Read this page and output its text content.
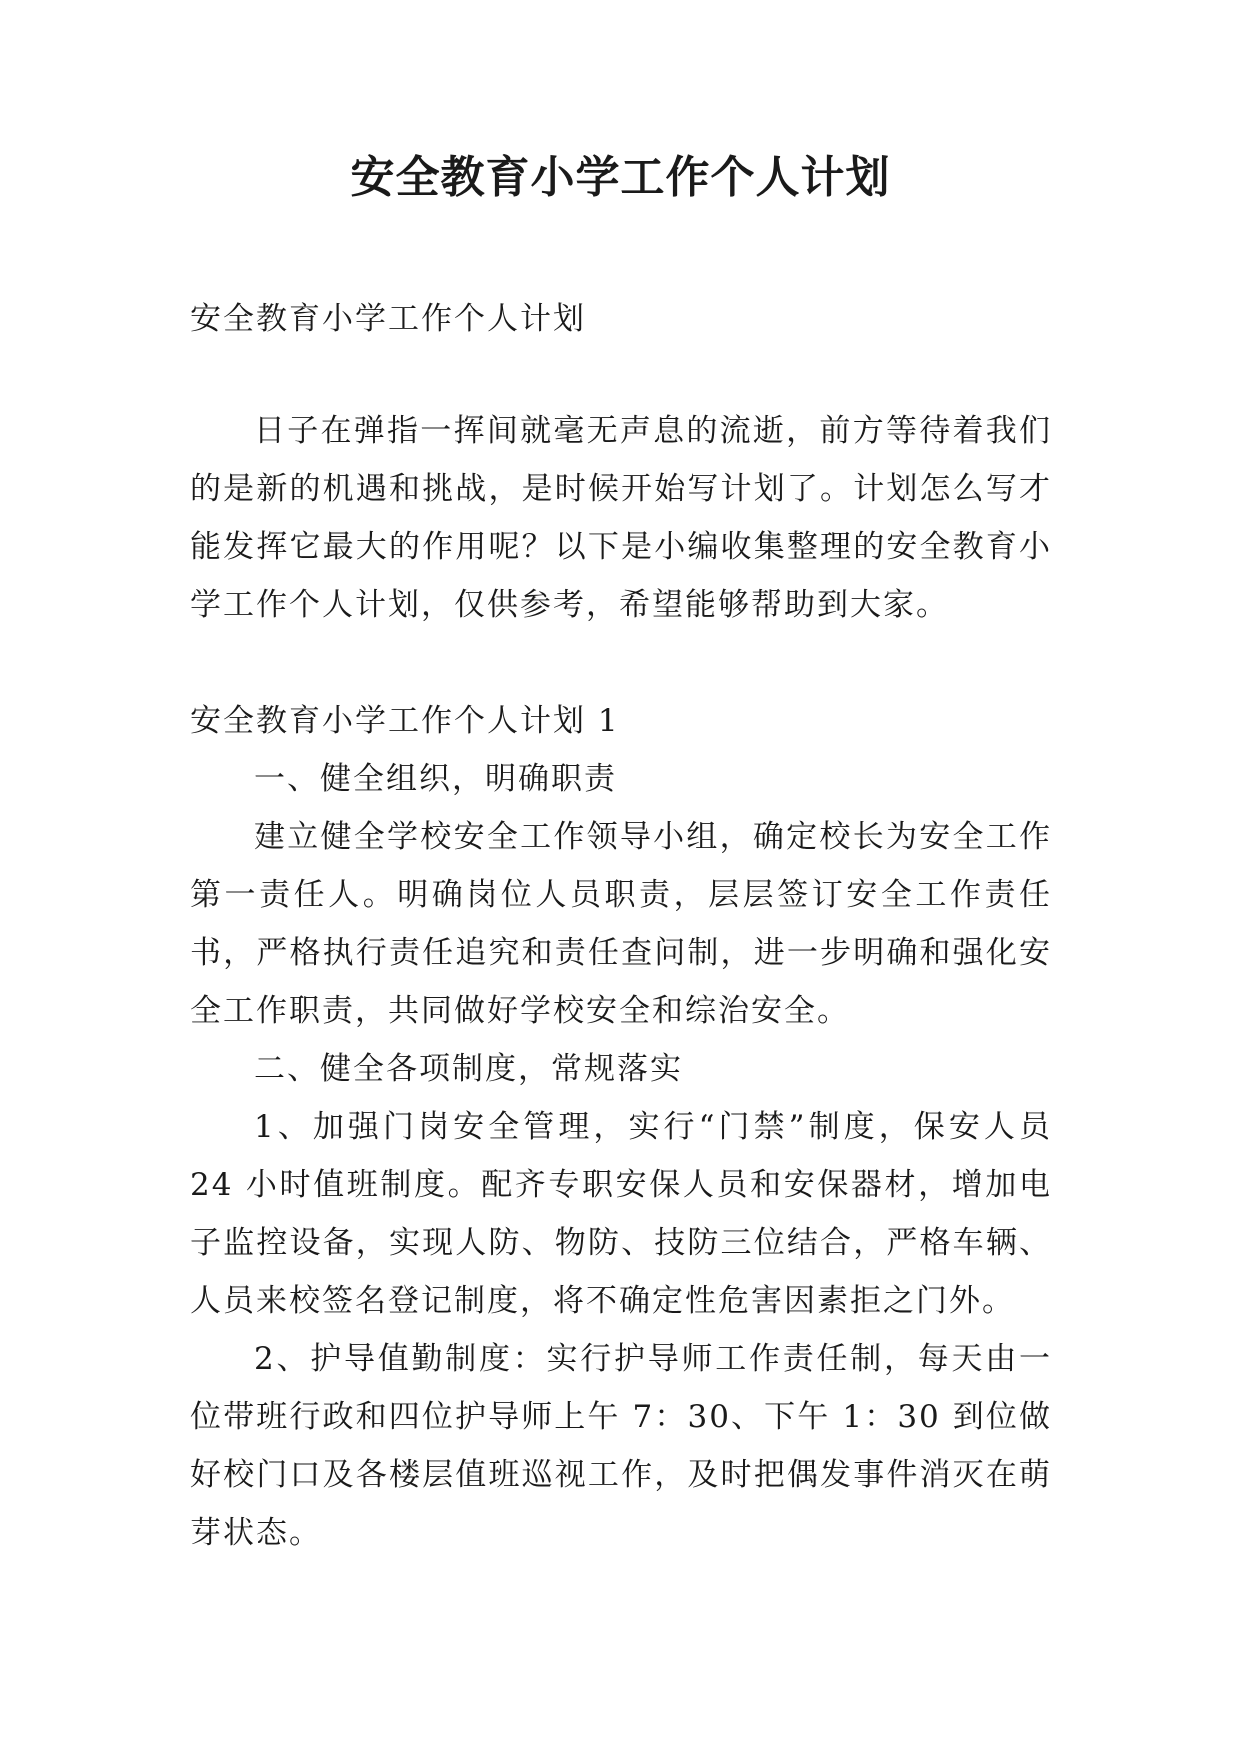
安全教育小学工作个人计划

安全教育小学工作个人计划

日子在弹指一挥间就毫无声息的流逝，前方等待着我们的是新的机遇和挑战，是时候开始写计划了。计划怎么写才能发挥它最大的作用呢？以下是小编收集整理的安全教育小学工作个人计划，仅供参考，希望能够帮助到大家。

安全教育小学工作个人计划 1

一、健全组织，明确职责

建立健全学校安全工作领导小组，确定校长为安全工作第一责任人。明确岗位人员职责，层层签订安全工作责任书，严格执行责任追究和责任查问制，进一步明确和强化安全工作职责，共同做好学校安全和综治安全。

二、健全各项制度，常规落实

1、加强门岗安全管理，实行“门禁”制度，保安人员 24 小时值班制度。配齐专职安保人员和安保器材，增加电子监控设备，实现人防、物防、技防三位结合，严格车辆、人员来校签名登记制度，将不确定性危害因素拒之门外。

2、护导值勤制度：实行护导师工作责任制，每天由一位带班行政和四位护导师上午 7：30、下午 1：30 到位做好校门口及各楼层值班巡视工作，及时把偶发事件消灭在萌芽状态。
